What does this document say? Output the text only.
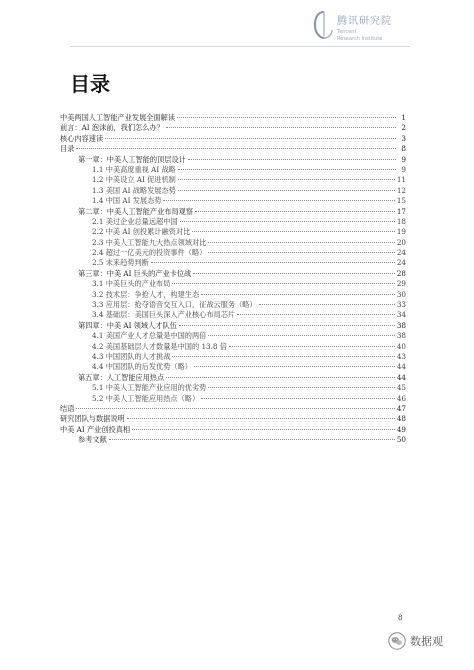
腾讯研究院
Tencent
Research Institute
目录
中美两国人工智能产业发展全面解读	1
前言：AI 泡沫前，我们怎么办？	2
核心内容速读	3
目录	8
第一章：中美人工智能的顶层设计	9
1.1 中美高度重视 AI 战略	9
1.2 中美设立 AI 促进机制	11
1.3 美国 AI 战略发展态势	12
1.4 中国 AI 发展态势	15
第二章：中美人工智能产业布局观察	17
2.1 美过企业总量远超中国	18
2.2 中美 AI 创投累计融资对比	19
2.3 中美人工智能九大热点领域对比	20
2.4 超过一亿美元的投资事件（略）	24
2.5 未来趋势判断	24
第三章：中美 AI 巨头的产业卡位战	28
3.1 中美巨头的产业布局	29
3.2 技术层：争抢人才，构建生态	30
3.3 应用层：抢夺语音交互入口，征战云服务（略）	33
3.4 基础层：美国巨头深入产业核心布局芯片	34
第四章：中美 AI 领域人才队伍	38
4.1 美国产业人才总量是中国的两倍	38
4.2 美国基础层人才数量是中国的 13.8 倍	40
4.3 中国团队的人才挑战	43
4.4 中国团队的后发优势（略）	44
第五章：人工智能应用热点	44
5.1 中美人工智能产业应用的优劣势	45
5.2 中美人工智能应用热点（略）	46
结语	47
研究团队与数据说明	48
中美 AI 产业创投真相	49
参考文献	50
8
数据观
